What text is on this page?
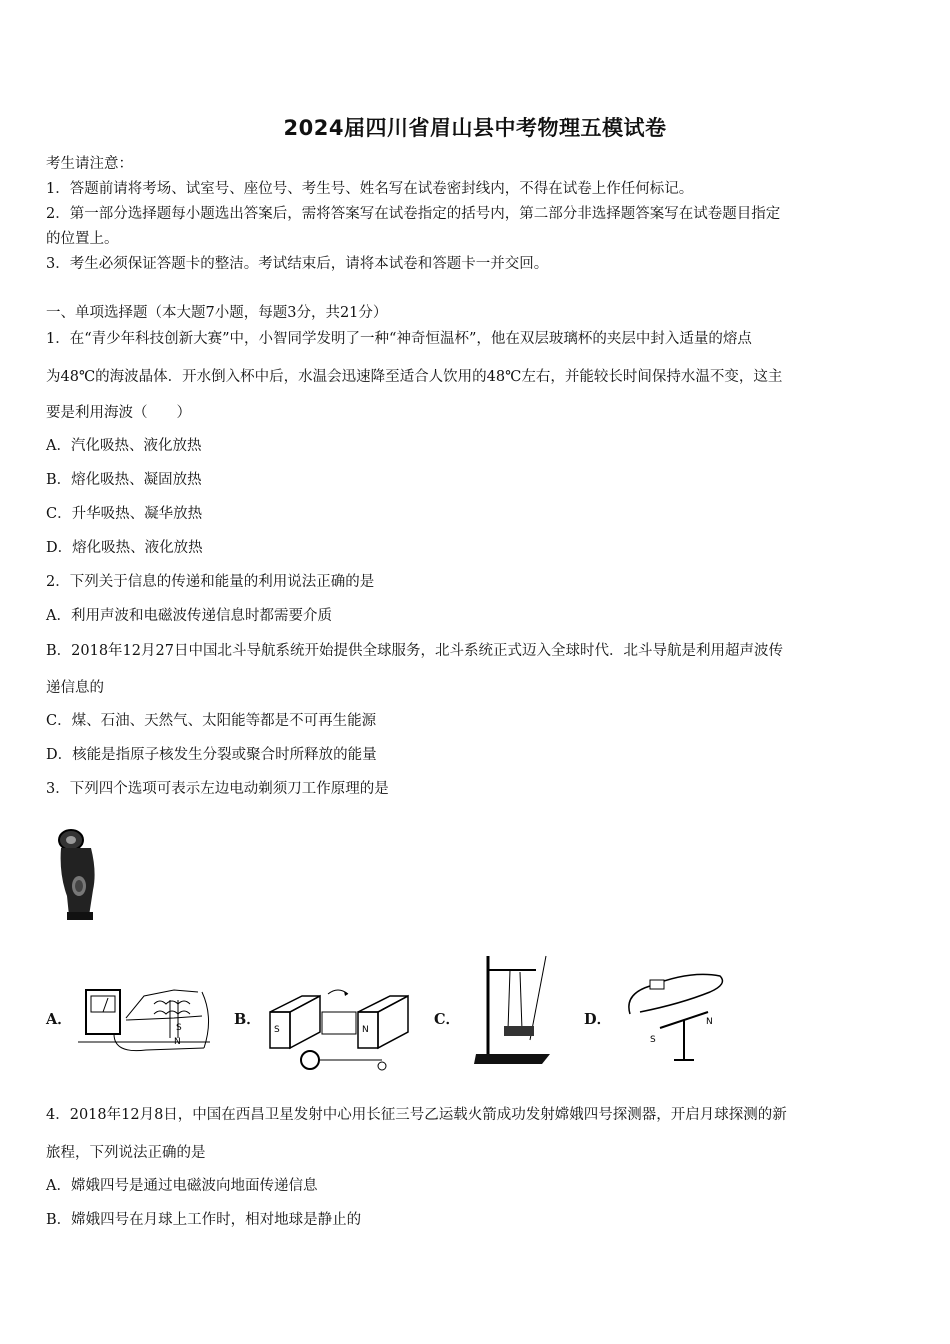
2024届四川省眉山县中考物理五模试卷
考生请注意：
1．答题前请将考场、试室号、座位号、考生号、姓名写在试卷密封线内，不得在试卷上作任何标记。
2．第一部分选择题每小题选出答案后，需将答案写在试卷指定的括号内，第二部分非选择题答案写在试卷题目指定
的位置上。
3．考生必须保证答题卡的整洁。考试结束后，请将本试卷和答题卡一并交回。
一、单项选择题（本大题7小题，每题3分，共21分）
1．在“青少年科技创新大赛”中，小智同学发明了一种“神奇恒温杯”，他在双层玻璃杯的夹层中封入适量的熔点
为48℃的海波晶体．开水倒入杯中后，水温会迅速降至适合人饮用的48℃左右，并能较长时间保持水温不变，这主
要是利用海波（　　）
A．汽化吸热、液化放热
B．熔化吸热、凝固放热
C．升华吸热、凝华放热
D．熔化吸热、液化放热
2．下列关于信息的传递和能量的利用说法正确的是
A．利用声波和电磁波传递信息时都需要介质
B．2018年12月27日中国北斗导航系统开始提供全球服务，北斗系统正式迈入全球时代．北斗导航是利用超声波传
递信息的
C．煤、石油、天然气、太阳能等都是不可再生能源
D．核能是指原子核发生分裂或聚合时所释放的能量
3．下列四个选项可表示左边电动剃须刀工作原理的是
A．	B．	C．	D．
S
N
S	N
S
N
4．2018年12月8日，中国在西昌卫星发射中心用长征三号乙运载火箭成功发射嫦娥四号探测器，开启月球探测的新
旅程，下列说法正确的是
A．嫦娥四号是通过电磁波向地面传递信息
B．嫦娥四号在月球上工作时，相对地球是静止的
